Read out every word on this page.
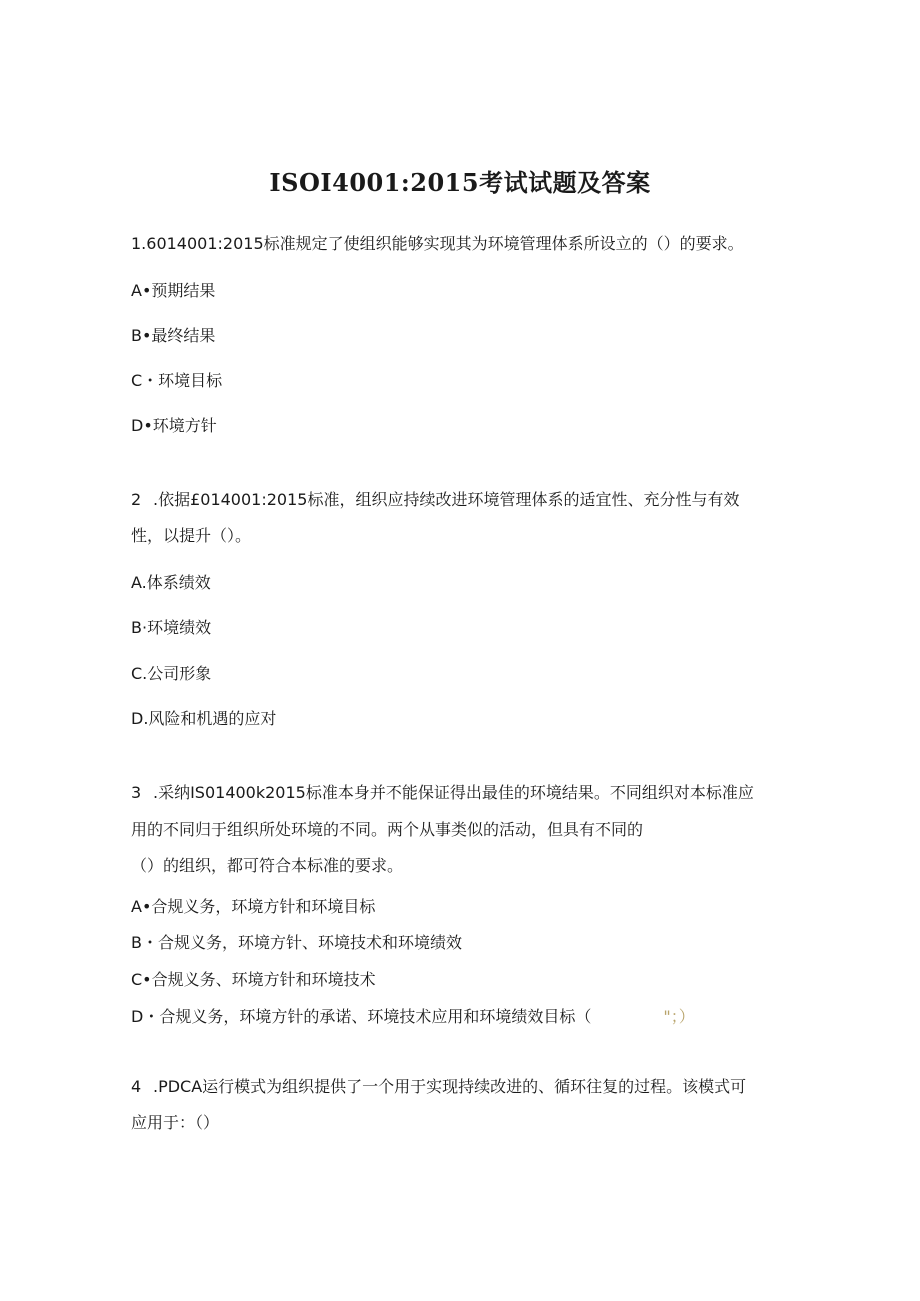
ISOI4001:2015考试试题及答案

1.6014001:2015标准规定了使组织能够实现其为环境管理体系所设立的（）的要求。

A•预期结果

B•最终结果

C・环境目标

D•环境方针

2 .依据£014001:2015标准，组织应持续改进环境管理体系的适宜性、充分性与有效

性，以提升（）。

A.体系绩效

B·环境绩效

C.公司形象

D.风险和机遇的应对

3 .采纳IS01400k2015标准本身并不能保证得出最佳的环境结果。不同组织对本标准应

用的不同归于组织所处环境的不同。两个从事类似的活动，但具有不同的

（）的组织，都可符合本标准的要求。

A•合规义务，环境方针和环境目标

B・合规义务，环境方针、环境技术和环境绩效

C•合规义务、环境方针和环境技术

D・合规义务，环境方针的承诺、环境技术应用和环境绩效目标（	"；）

4 .PDCA运行模式为组织提供了一个用于实现持续改进的、循环往复的过程。该模式可

应用于：（）
